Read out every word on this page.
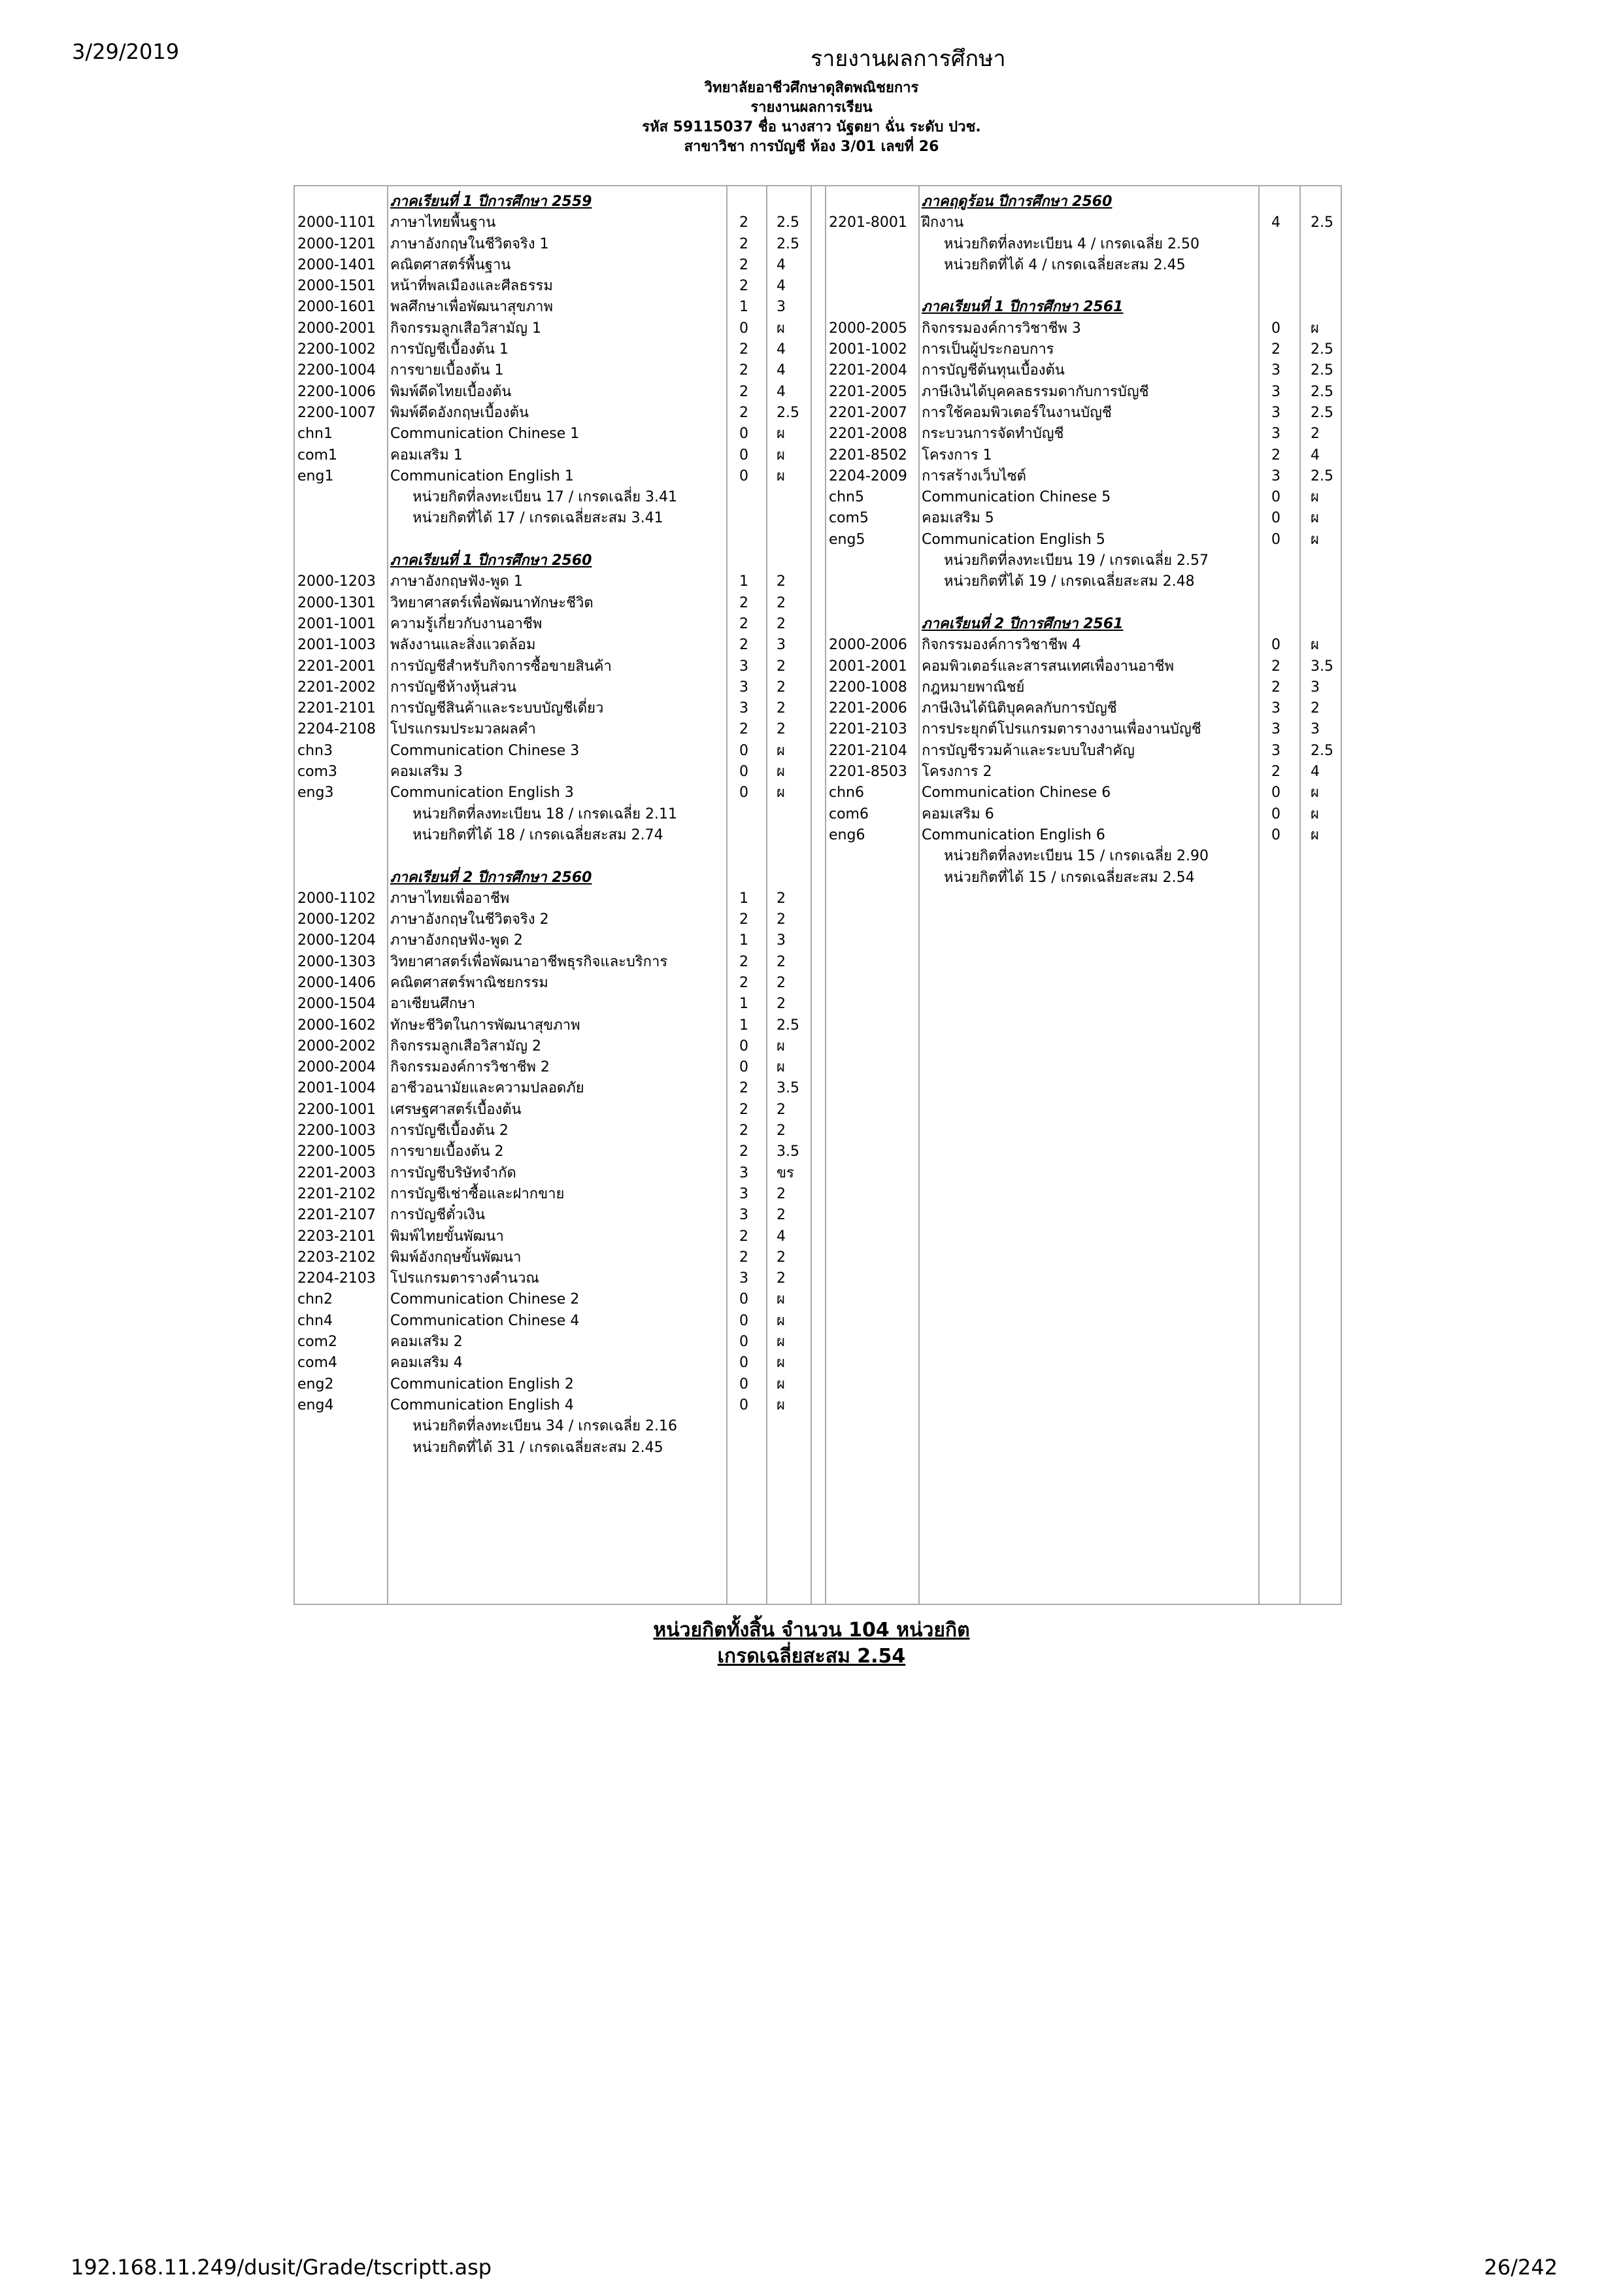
3/29/2019	รายงานผลการศึกษา
วิทยาลัยอาชีวศึกษาดุสิตพณิชยการ
รายงานผลการเรียน
รหัส 59115037 ชื่อ นางสาว นัฐตยา ฉั่น ระดับ ปวช.
สาขาวิชา การบัญชี ห้อง 3/01 เลขที่ 26
ภาคเรียนที่ 1 ปีการศึกษา 2559
2000-1101 ภาษาไทยพื้นฐาน	2 2.5
2000-1201 ภาษาอังกฤษในชีวิตจริง 1	2 2.5
2000-1401 คณิตศาสตร์พื้นฐาน	2 4
2000-1501 หน้าที่พลเมืองและศีลธรรม	2 4
2000-1601 พลศึกษาเพื่อพัฒนาสุขภาพ	1 3
2000-2001 กิจกรรมลูกเสือวิสามัญ 1	0 ผ
2200-1002 การบัญชีเบื้องต้น 1	2 4
2200-1004 การขายเบื้องต้น 1	2 4
2200-1006 พิมพ์ดีดไทยเบื้องต้น	2 4
2200-1007 พิมพ์ดีดอังกฤษเบื้องต้น	2 2.5
chn1	Communication Chinese 1	0 ผ
com1	คอมเสริม 1	0 ผ
eng1	Communication English 1	0 ผ
หน่วยกิตที่ลงทะเบียน 17 / เกรดเฉลี่ย 3.41
หน่วยกิตที่ได้ 17 / เกรดเฉลี่ยสะสม 3.41
ภาคเรียนที่ 1 ปีการศึกษา 2560
2000-1203 ภาษาอังกฤษฟัง-พูด 1	1 2
2000-1301 วิทยาศาสตร์เพื่อพัฒนาทักษะชีวิต	2 2
2001-1001 ความรู้เกี่ยวกับงานอาชีพ	2 2
2001-1003 พลังงานและสิ่งแวดล้อม	2 3
2201-2001 การบัญชีสำหรับกิจการซื้อขายสินค้า	3 2
2201-2002 การบัญชีห้างหุ้นส่วน	3 2
2201-2101 การบัญชีสินค้าและระบบบัญชีเดี่ยว	3 2
2204-2108 โปรแกรมประมวลผลคำ	2 2
chn3	Communication Chinese 3	0 ผ
com3	คอมเสริม 3	0 ผ
eng3	Communication English 3	0 ผ
หน่วยกิตที่ลงทะเบียน 18 / เกรดเฉลี่ย 2.11
หน่วยกิตที่ได้ 18 / เกรดเฉลี่ยสะสม 2.74
ภาคเรียนที่ 2 ปีการศึกษา 2560
2000-1102 ภาษาไทยเพื่ออาชีพ	1 2
2000-1202 ภาษาอังกฤษในชีวิตจริง 2	2 2
2000-1204 ภาษาอังกฤษฟัง-พูด 2	1 3
2000-1303 วิทยาศาสตร์เพื่อพัฒนาอาชีพธุรกิจและบริการ	2 2
2000-1406 คณิตศาสตร์พาณิชยกรรม	2 2
2000-1504 อาเซียนศึกษา	1 2
2000-1602 ทักษะชีวิตในการพัฒนาสุขภาพ	1 2.5
2000-2002 กิจกรรมลูกเสือวิสามัญ 2	0 ผ
2000-2004 กิจกรรมองค์การวิชาชีพ 2	0 ผ
2001-1004 อาชีวอนามัยและความปลอดภัย	2 3.5
2200-1001 เศรษฐศาสตร์เบื้องต้น	2 2
2200-1003 การบัญชีเบื้องต้น 2	2 2
2200-1005 การขายเบื้องต้น 2	2 3.5
2201-2003 การบัญชีบริษัทจำกัด	3 ขร
2201-2102 การบัญชีเช่าซื้อและฝากขาย	3 2
2201-2107 การบัญชีตั๋วเงิน	3 2
2203-2101 พิมพ์ไทยขั้นพัฒนา	2 4
2203-2102 พิมพ์อังกฤษขั้นพัฒนา	2 2
2204-2103 โปรแกรมตารางคำนวณ	3 2
chn2	Communication Chinese 2	0 ผ
chn4	Communication Chinese 4	0 ผ
com2	คอมเสริม 2	0 ผ
com4	คอมเสริม 4	0 ผ
eng2	Communication English 2	0 ผ
eng4	Communication English 4	0 ผ
หน่วยกิตที่ลงทะเบียน 34 / เกรดเฉลี่ย 2.16
หน่วยกิตที่ได้ 31 / เกรดเฉลี่ยสะสม 2.45
ภาคฤดูร้อน ปีการศึกษา 2560
2201-8001 ฝึกงาน	4 2.5
หน่วยกิตที่ลงทะเบียน 4 / เกรดเฉลี่ย 2.50
หน่วยกิตที่ได้ 4 / เกรดเฉลี่ยสะสม 2.45
ภาคเรียนที่ 1 ปีการศึกษา 2561
2000-2005 กิจกรรมองค์การวิชาชีพ 3	0 ผ
2001-1002 การเป็นผู้ประกอบการ	2 2.5
2201-2004 การบัญชีต้นทุนเบื้องต้น	3 2.5
2201-2005 ภาษีเงินได้บุคคลธรรมดากับการบัญชี	3 2.5
2201-2007 การใช้คอมพิวเตอร์ในงานบัญชี	3 2.5
2201-2008 กระบวนการจัดทำบัญชี	3 2
2201-8502 โครงการ 1	2 4
2204-2009 การสร้างเว็บไซต์	3 2.5
chn5	Communication Chinese 5	0 ผ
com5	คอมเสริม 5	0 ผ
eng5	Communication English 5	0 ผ
หน่วยกิตที่ลงทะเบียน 19 / เกรดเฉลี่ย 2.57
หน่วยกิตที่ได้ 19 / เกรดเฉลี่ยสะสม 2.48
ภาคเรียนที่ 2 ปีการศึกษา 2561
2000-2006 กิจกรรมองค์การวิชาชีพ 4	0 ผ
2001-2001 คอมพิวเตอร์และสารสนเทศเพื่องานอาชีพ	2 3.5
2200-1008 กฎหมายพาณิชย์	2 3
2201-2006 ภาษีเงินได้นิติบุคคลกับการบัญชี	3 2
2201-2103 การประยุกต์โปรแกรมตารางงานเพื่องานบัญชี	3 3
2201-2104 การบัญชีรวมค้าและระบบใบสำคัญ	3 2.5
2201-8503 โครงการ 2	2 4
chn6	Communication Chinese 6	0 ผ
com6	คอมเสริม 6	0 ผ
eng6	Communication English 6	0 ผ
หน่วยกิตที่ลงทะเบียน 15 / เกรดเฉลี่ย 2.90
หน่วยกิตที่ได้ 15 / เกรดเฉลี่ยสะสม 2.54
หน่วยกิตทั้งสิ้น จำนวน 104 หน่วยกิต
เกรดเฉลี่ยสะสม 2.54
192.168.11.249/dusit/Grade/tscriptt.asp	26/242
